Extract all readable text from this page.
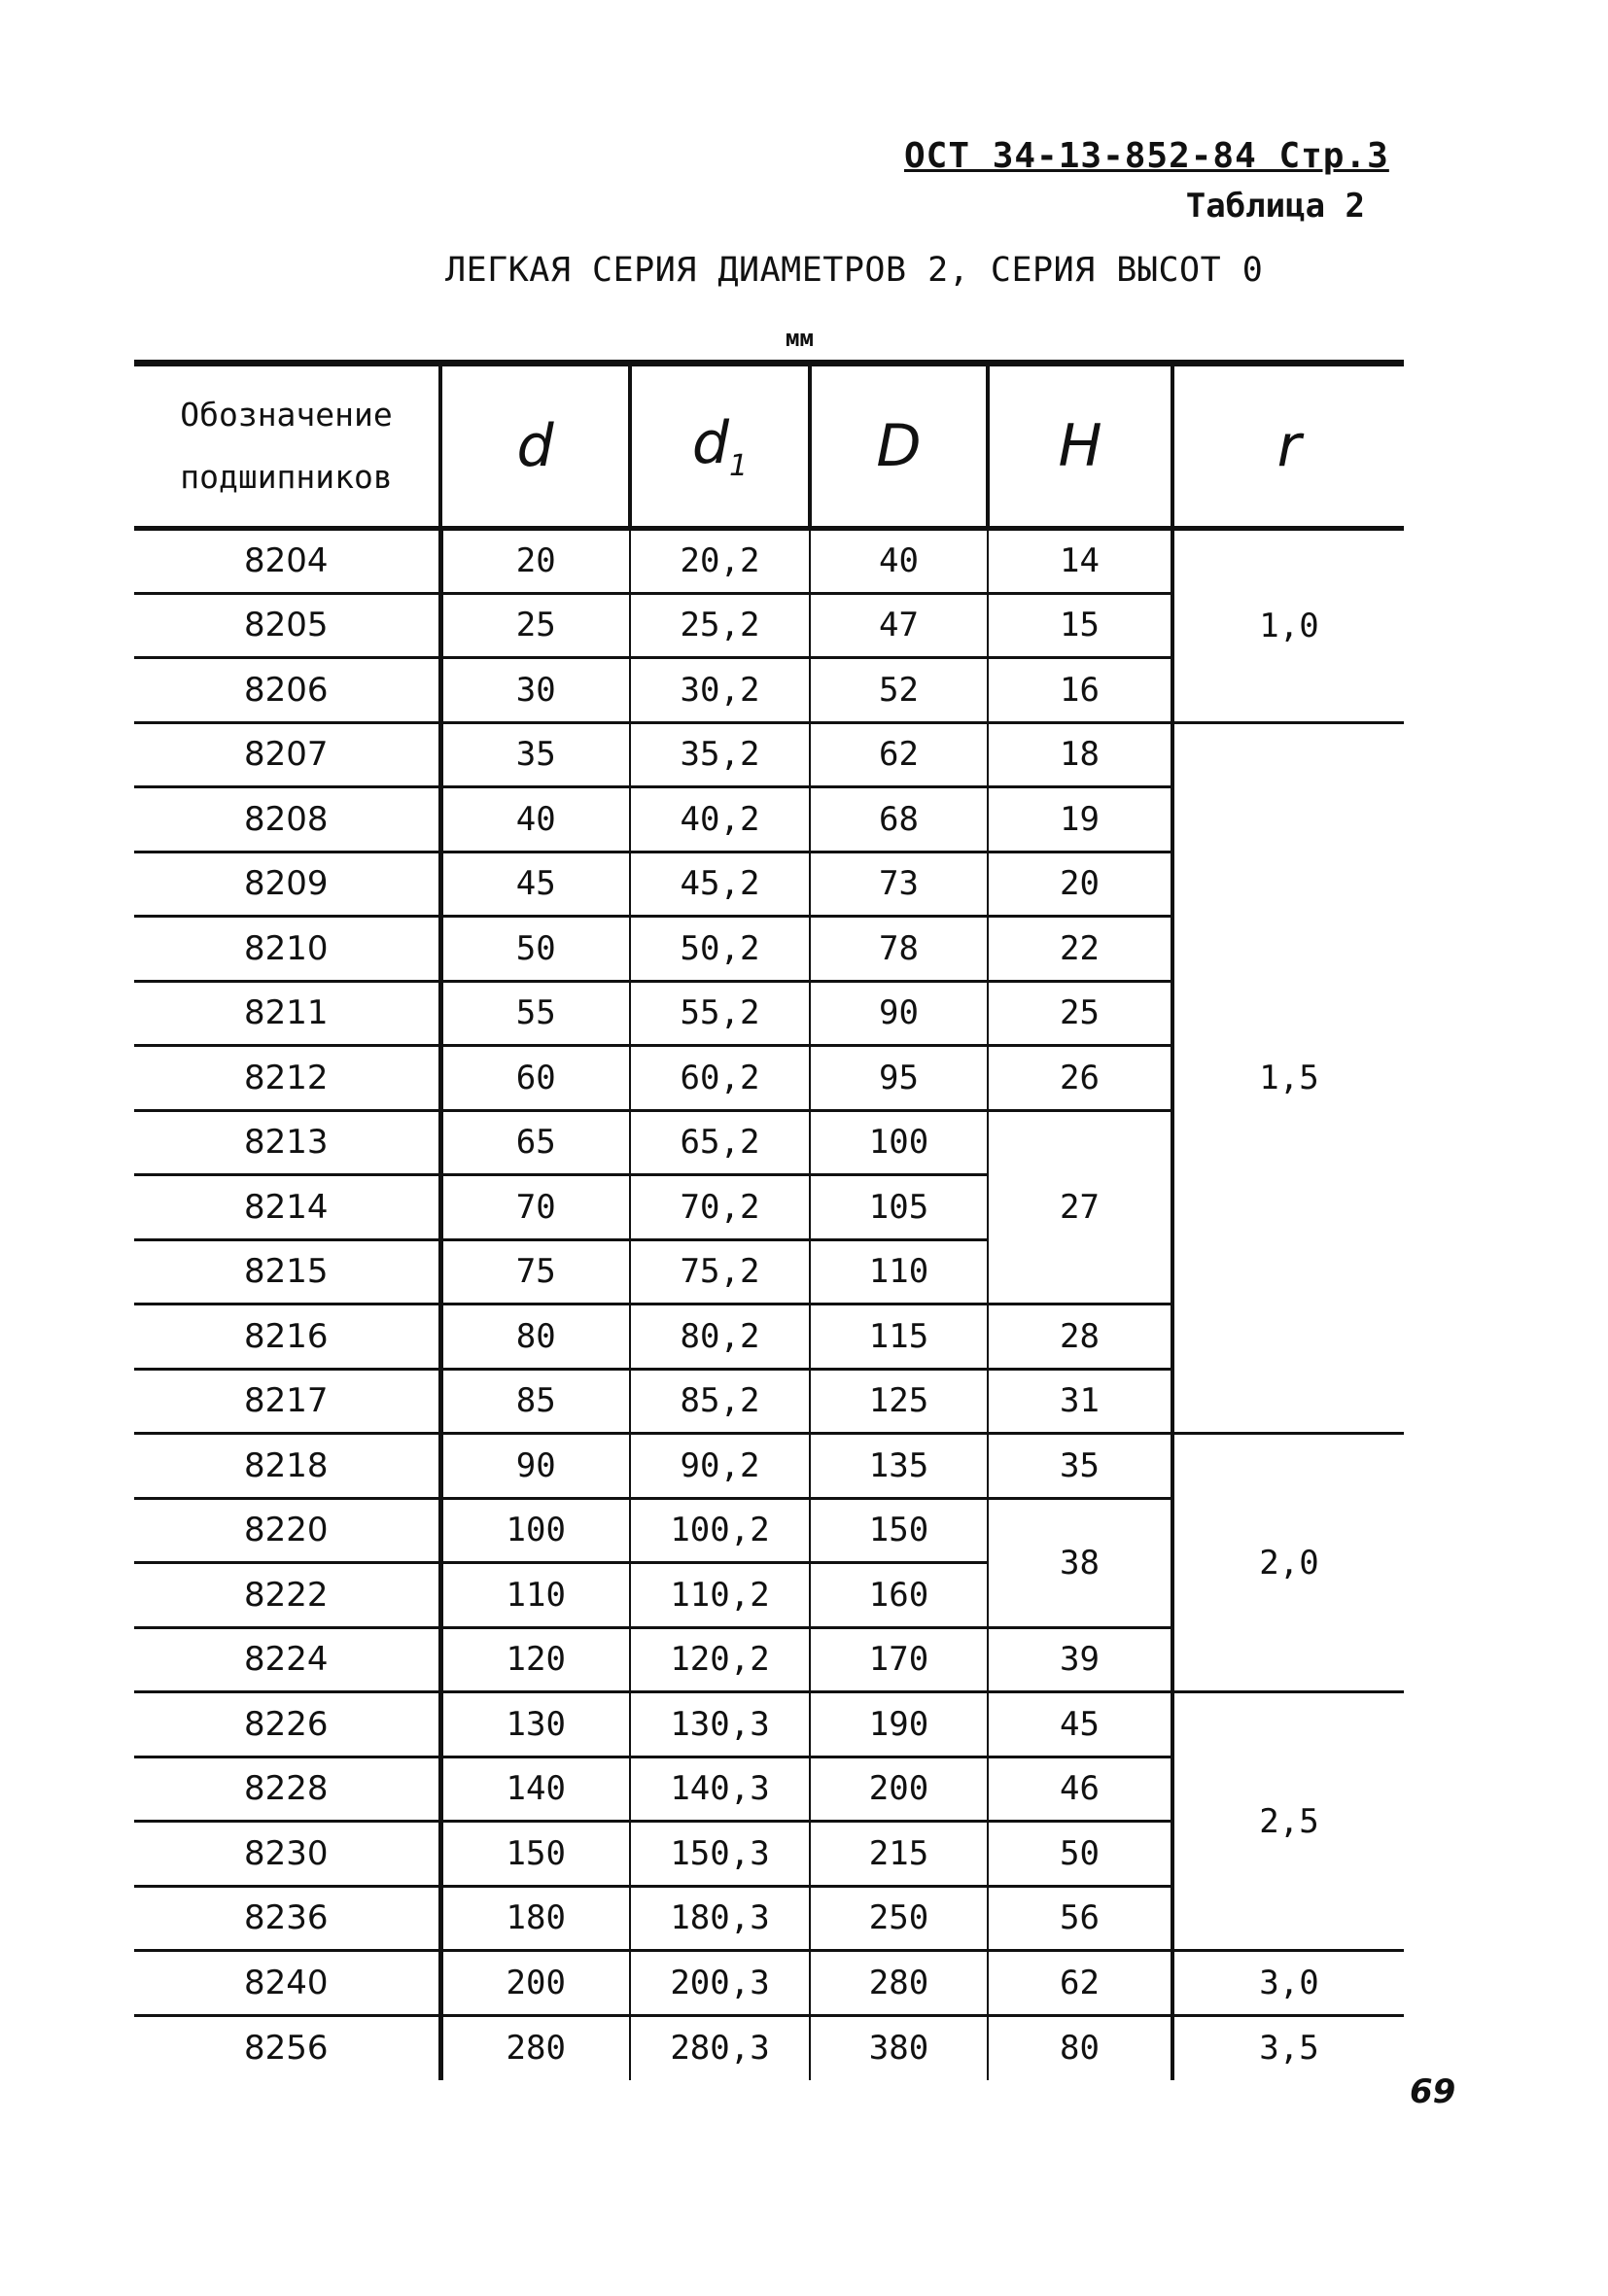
ОСТ 34-13-852-84 Стр.3
Таблица 2
ЛЕГКАЯ СЕРИЯ ДИАМЕТРОВ 2, СЕРИЯ ВЫСОТ 0
мм
Обозначение
подшипников	d	$d_1$	D	H	r
8204	20	20,2	40	14	1,0
8205	25	25,2	47	15	
8206	30	30,2	52	16	
8207	35	35,2	62	18	1,5
8208	40	40,2	68	19	
8209	45	45,2	73	20	
8210	50	50,2	78	22	
8211	55	55,2	90	25	
8212	60	60,2	95	26	
8213	65	65,2	100	27	
8214	70	70,2	105		
8215	75	75,2	110		
8216	80	80,2	115	28	
8217	85	85,2	125	31	
8218	90	90,2	135	35	2,0
8220	100	100,2	150	38	
8222	110	110,2	160		
8224	120	120,2	170	39	
8226	130	130,3	190	45	2,5
8228	140	140,3	200	46	
8230	150	150,3	215	50	
8236	180	180,3	250	56	
8240	200	200,3	280	62	3,0
8256	280	280,3	380	80	3,5
69
